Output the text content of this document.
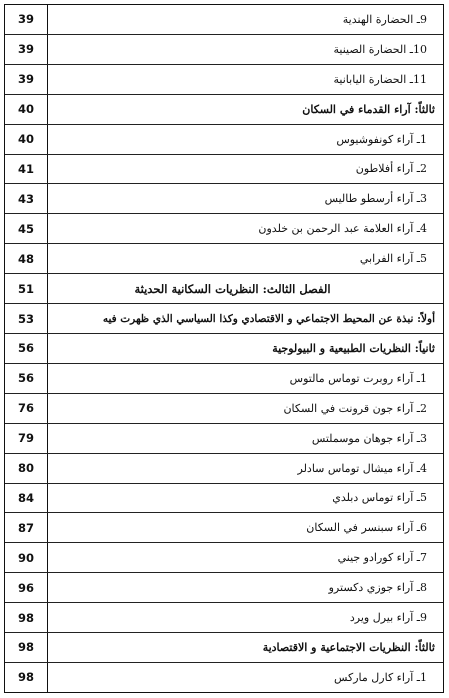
39	9ـ الحضارة الهندية
39	10ـ الحضارة الصينية
39	11ـ الحضارة اليابانية
40	ثالثاً: آراء القدماء في السكان
40	1ـ آراء كونفوشيوس
41	2ـ آراء أفلاطون
43	3ـ آراء أرسطو طاليس
45	4ـ آراء العلامة عبد الرحمن بن خلدون
48	5ـ آراء الفرابي
51	الفصل الثالث: النظريات السكانية الحديثة
53	أولاً: نبذة عن المحيط الاجتماعي و الاقتصادي وكذا السياسي الذي ظهرت فيه
56	ثانياً: النظريات الطبيعية و البيولوجية
56	1ـ آراء روبرت توماس مالتوس
76	2ـ آراء جون قرونت في السكان
79	3ـ آراء جوهان موسملتس
80	4ـ آراء ميشال توماس سادلر
84	5ـ آراء توماس دبلدي
87	6ـ آراء سبنسر في السكان
90	7ـ آراء كورادو جيني
96	8ـ آراء جوزي دكسترو
98	9ـ آراء بيرل ويرد
98	ثالثاً: النظريات الاجتماعية و الاقتصادية
98	1ـ آراء كارل ماركس
